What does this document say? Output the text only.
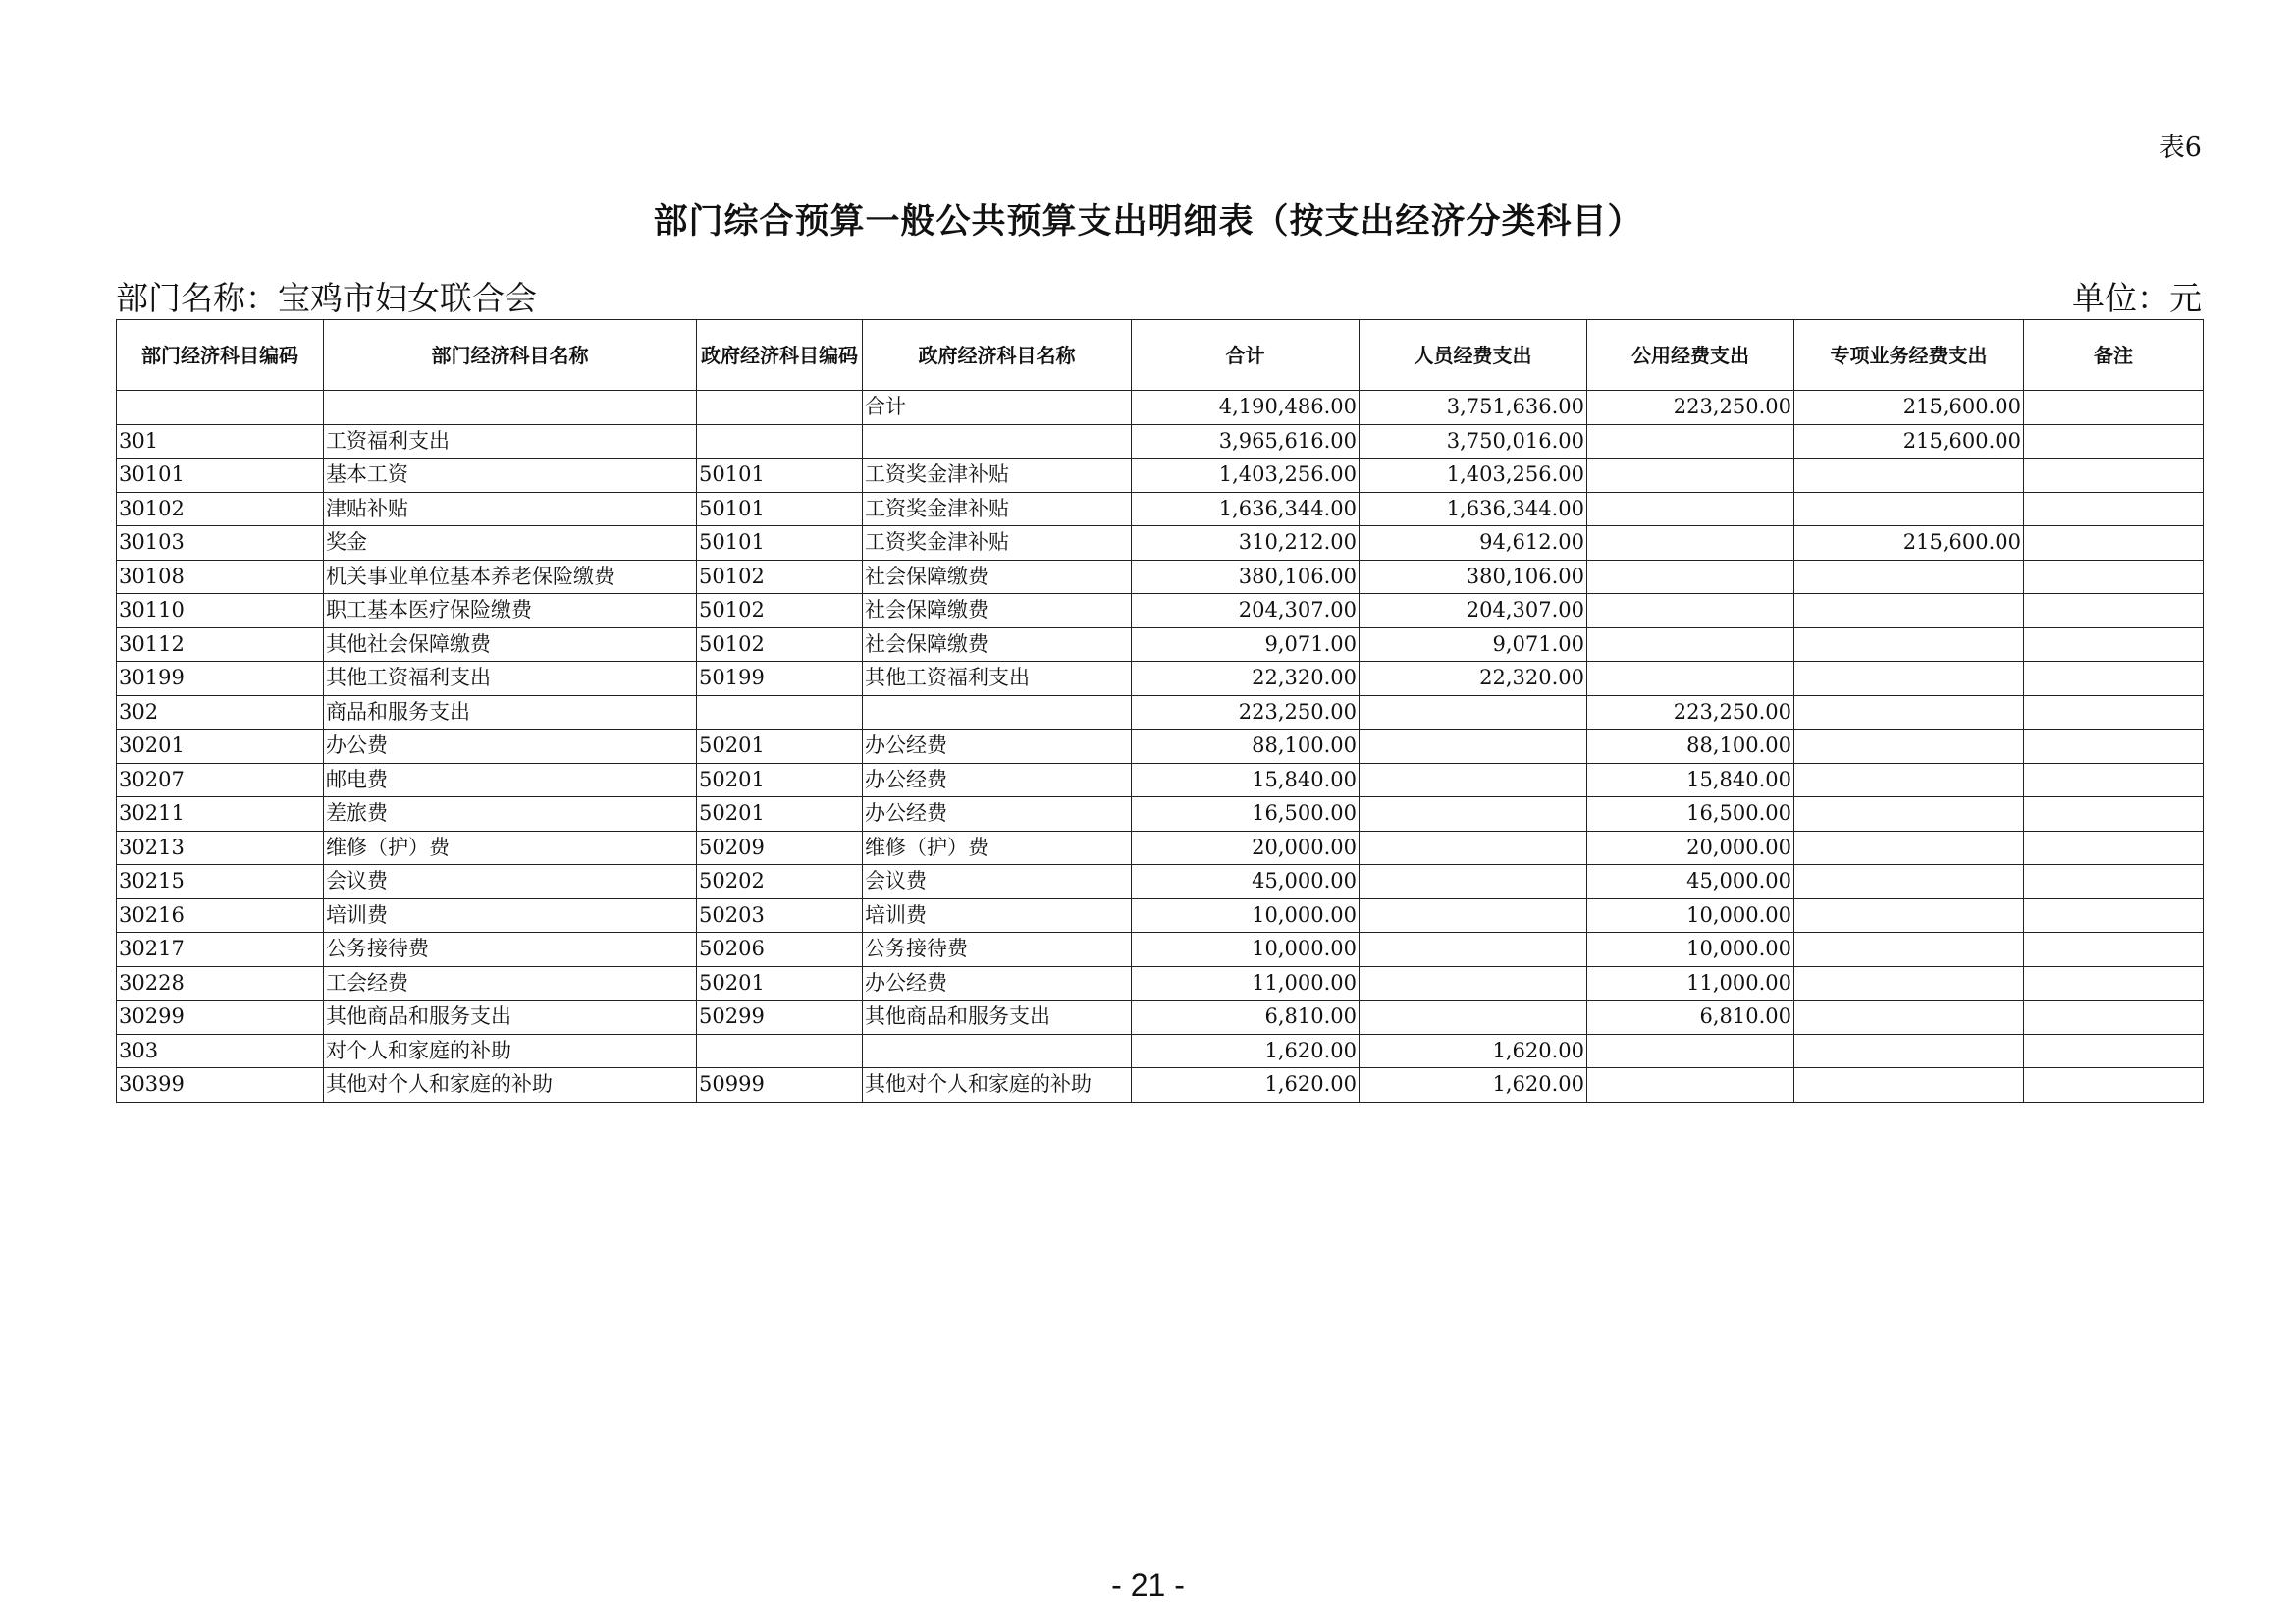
表6
部门综合预算一般公共预算支出明细表（按支出经济分类科目）
部门名称：宝鸡市妇女联合会	单位：元
部门经济科目编码	部门经济科目名称	政府经济科目编码	政府经济科目名称	合计	人员经费支出	公用经费支出	专项业务经费支出	备注
			合计	4,190,486.00	3,751,636.00	223,250.00	215,600.00	
301	工资福利支出			3,965,616.00	3,750,016.00		215,600.00	
30101	基本工资	50101	工资奖金津补贴	1,403,256.00	1,403,256.00			
30102	津贴补贴	50101	工资奖金津补贴	1,636,344.00	1,636,344.00			
30103	奖金	50101	工资奖金津补贴	310,212.00	94,612.00		215,600.00	
30108	机关事业单位基本养老保险缴费	50102	社会保障缴费	380,106.00	380,106.00			
30110	职工基本医疗保险缴费	50102	社会保障缴费	204,307.00	204,307.00			
30112	其他社会保障缴费	50102	社会保障缴费	9,071.00	9,071.00			
30199	其他工资福利支出	50199	其他工资福利支出	22,320.00	22,320.00			
302	商品和服务支出			223,250.00		223,250.00		
30201	办公费	50201	办公经费	88,100.00		88,100.00		
30207	邮电费	50201	办公经费	15,840.00		15,840.00		
30211	差旅费	50201	办公经费	16,500.00		16,500.00		
30213	维修（护）费	50209	维修（护）费	20,000.00		20,000.00		
30215	会议费	50202	会议费	45,000.00		45,000.00		
30216	培训费	50203	培训费	10,000.00		10,000.00		
30217	公务接待费	50206	公务接待费	10,000.00		10,000.00		
30228	工会经费	50201	办公经费	11,000.00		11,000.00		
30299	其他商品和服务支出	50299	其他商品和服务支出	6,810.00		6,810.00		
303	对个人和家庭的补助			1,620.00	1,620.00			
30399	其他对个人和家庭的补助	50999	其他对个人和家庭的补助	1,620.00	1,620.00			
- 21 -
